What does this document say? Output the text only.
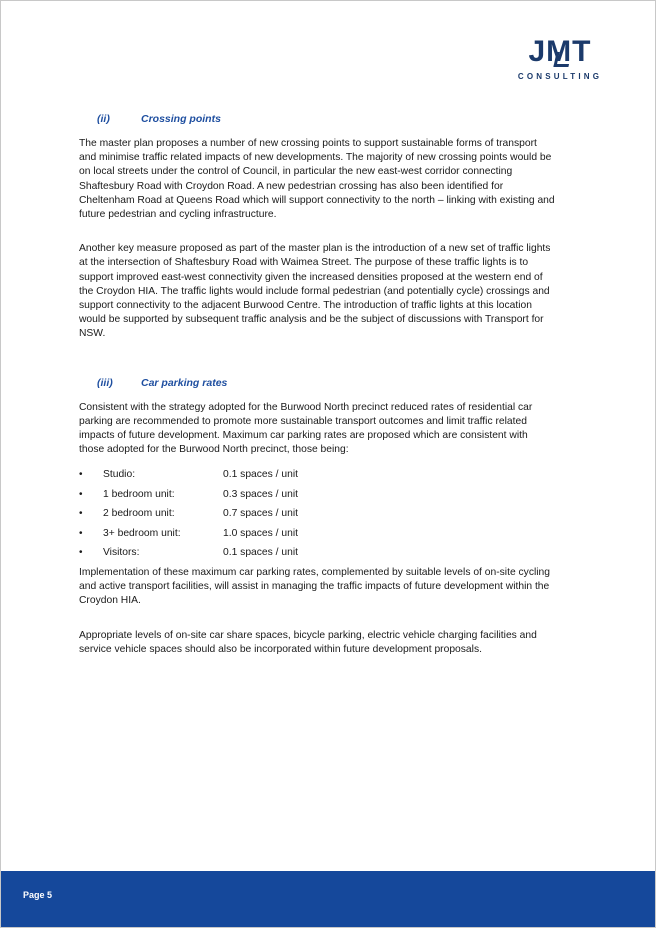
JMT
CONSULTING
(ii)	Crossing points

The master plan proposes a number of new crossing points to support sustainable forms of transport and minimise traffic related impacts of new developments. The majority of new crossing points would be on local streets under the control of Council, in particular the new east-west corridor connecting Shaftesbury Road with Croydon Road. A new pedestrian crossing has also been identified for Cheltenham Road at Queens Road which will support connectivity to the north – linking with existing and future pedestrian and cycling infrastructure.

Another key measure proposed as part of the master plan is the introduction of a new set of traffic lights at the intersection of Shaftesbury Road with Waimea Street. The purpose of these traffic lights is to support improved east-west connectivity given the increased densities proposed at the western end of the Croydon HIA. The traffic lights would include formal pedestrian (and potentially cycle) crossings and support connectivity to the adjacent Burwood Centre. The introduction of traffic lights at this location would be supported by subsequent traffic analysis and be the subject of discussions with Transport for NSW.

(iii)	Car parking rates

Consistent with the strategy adopted for the Burwood North precinct reduced rates of residential car parking are recommended to promote more sustainable transport outcomes and limit traffic related impacts of future development. Maximum car parking rates are proposed which are consistent with those adopted for the Burwood North precinct, those being:

•	Studio:	0.1 spaces / unit
•	1 bedroom unit:	0.3 spaces / unit
•	2 bedroom unit:	0.7 spaces / unit
•	3+ bedroom unit:	1.0 spaces / unit
•	Visitors:	0.1 spaces / unit

Implementation of these maximum car parking rates, complemented by suitable levels of on-site cycling and active transport facilities, will assist in managing the traffic impacts of future development within the Croydon HIA.

Appropriate levels of on-site car share spaces, bicycle parking, electric vehicle charging facilities and service vehicle spaces should also be incorporated within future development proposals.

Page 5
